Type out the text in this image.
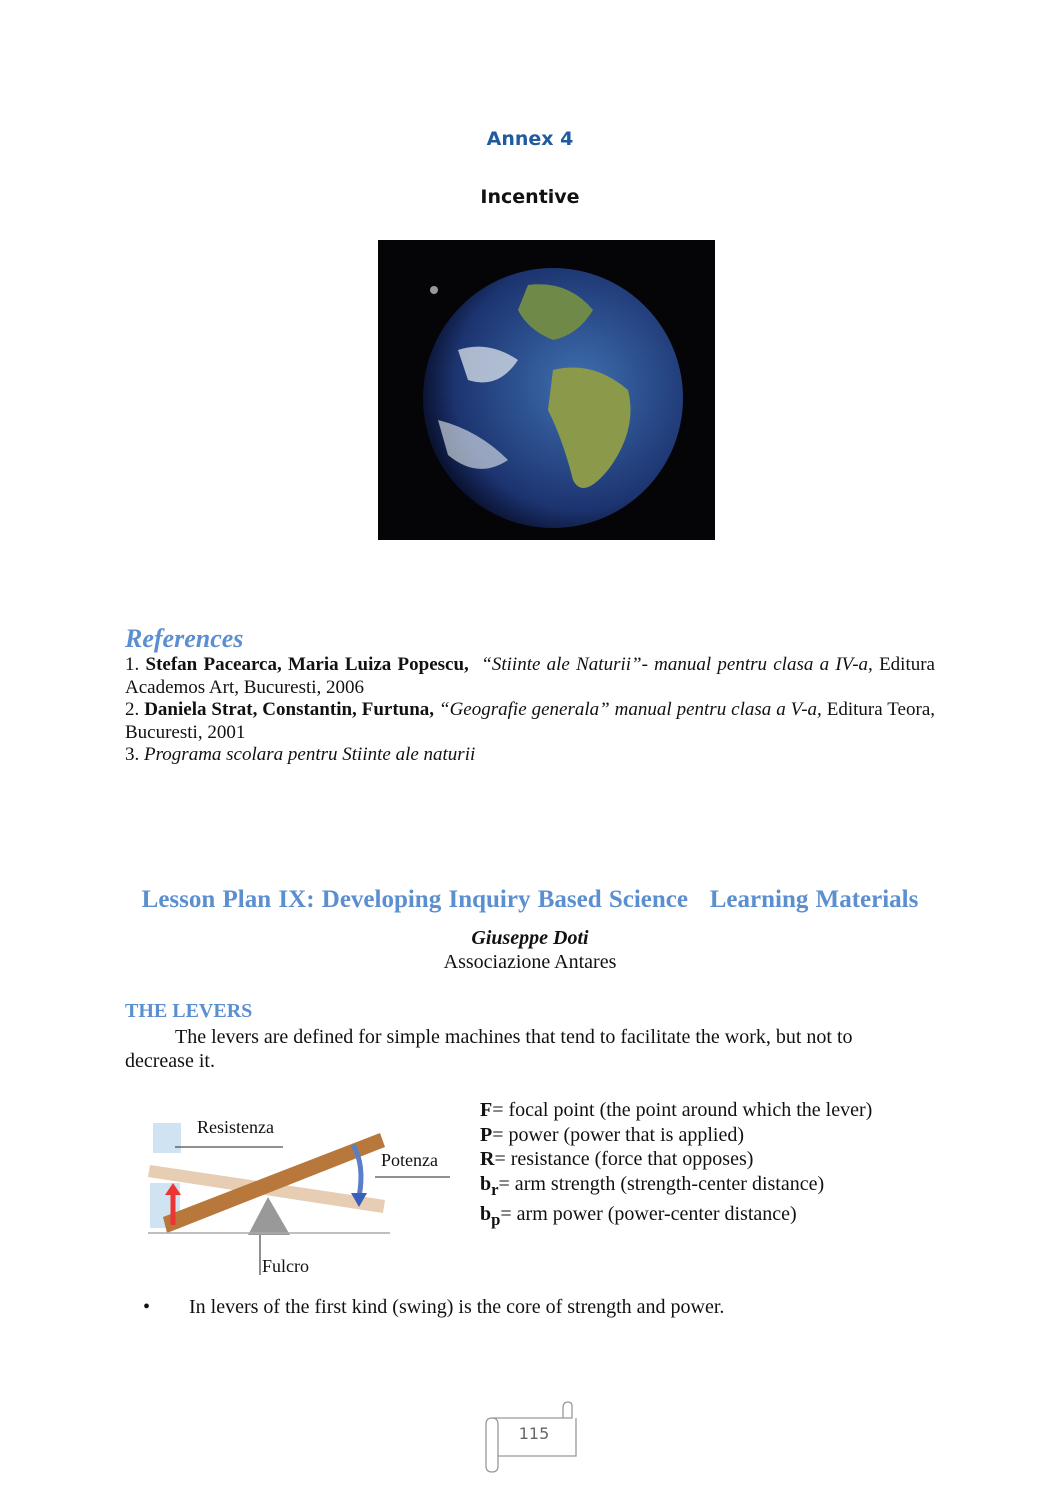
Annex 4
Incentive
References

1. Stefan Pacearca, Maria Luiza Popescu, “Stiinte ale Naturii”- manual pentru clasa a IV-a, Editura Academos Art, Bucuresti, 2006

2. Daniela Strat, Constantin, Furtuna, “Geografie generala” manual pentru clasa a V-a, Editura Teora, Bucuresti, 2001

3. Programa scolara pentru Stiinte ale naturii

Lesson Plan IX: Developing Inquiry Based Science   Learning Materials
Giuseppe Doti
Associazione Antares
THE LEVERS
The levers are defined for simple machines that tend to facilitate the work, but not to decrease it.
Resistenza
Potenza
Fulcro
F= focal point (the point around which the lever)
P= power (power that is applied)
R= resistance (force that opposes)
$b_r=$ arm strength (strength-center distance)
$b_p=$ arm power (power-center distance)
• In levers of the first kind (swing) is the core of strength and power.
115
